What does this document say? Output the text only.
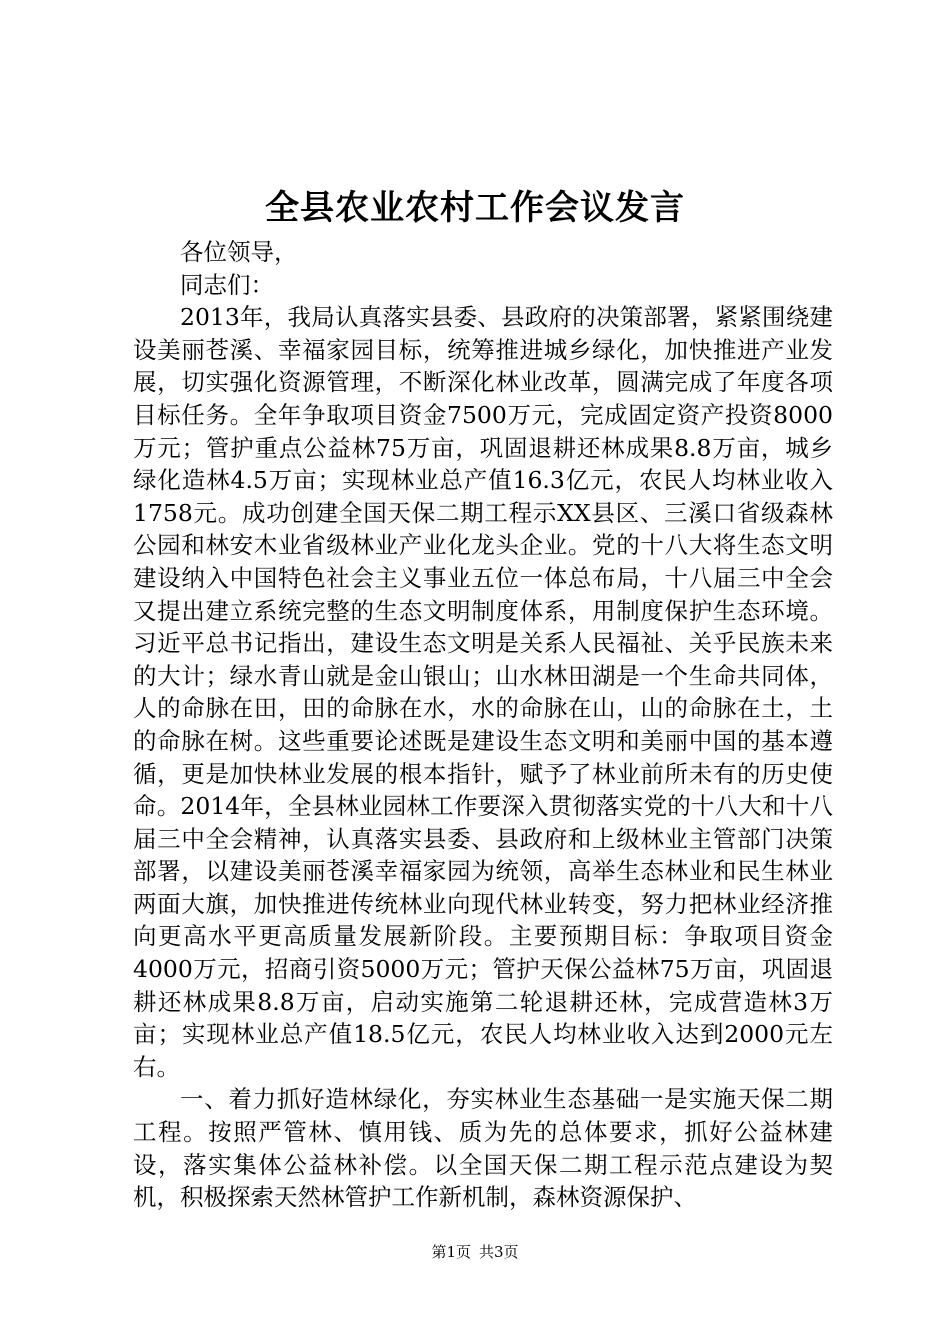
全县农业农村工作会议发言

各位领导，

同志们：

2013年，我局认真落实县委、县政府的决策部署，紧紧围绕建设美丽苍溪、幸福家园目标，统筹推进城乡绿化，加快推进产业发展，切实强化资源管理，不断深化林业改革，圆满完成了年度各项目标任务。全年争取项目资金7500万元，完成固定资产投资8000万元；管护重点公益林75万亩，巩固退耕还林成果8.8万亩，城乡绿化造林4.5万亩；实现林业总产值16.3亿元，农民人均林业收入1758元。成功创建全国天保二期工程示XX县区、三溪口省级森林公园和林安木业省级林业产业化龙头企业。党的十八大将生态文明建设纳入中国特色社会主义事业五位一体总布局，十八届三中全会又提出建立系统完整的生态文明制度体系，用制度保护生态环境。习近平总书记指出，建设生态文明是关系人民福祉、关乎民族未来的大计；绿水青山就是金山银山；山水林田湖是一个生命共同体，人的命脉在田，田的命脉在水，水的命脉在山，山的命脉在土，土的命脉在树。这些重要论述既是建设生态文明和美丽中国的基本遵循，更是加快林业发展的根本指针，赋予了林业前所未有的历史使命。2014年，全县林业园林工作要深入贯彻落实党的十八大和十八届三中全会精神，认真落实县委、县政府和上级林业主管部门决策部署，以建设美丽苍溪幸福家园为统领，高举生态林业和民生林业两面大旗，加快推进传统林业向现代林业转变，努力把林业经济推向更高水平更高质量发展新阶段。主要预期目标：争取项目资金4000万元，招商引资5000万元；管护天保公益林75万亩，巩固退耕还林成果8.8万亩，启动实施第二轮退耕还林，完成营造林3万亩；实现林业总产值18.5亿元，农民人均林业收入达到2000元左右。

一、着力抓好造林绿化，夯实林业生态基础一是实施天保二期工程。按照严管林、慎用钱、质为先的总体要求，抓好公益林建设，落实集体公益林补偿。以全国天保二期工程示范点建设为契机，积极探索天然林管护工作新机制，森林资源保护、

第1页 共3页
